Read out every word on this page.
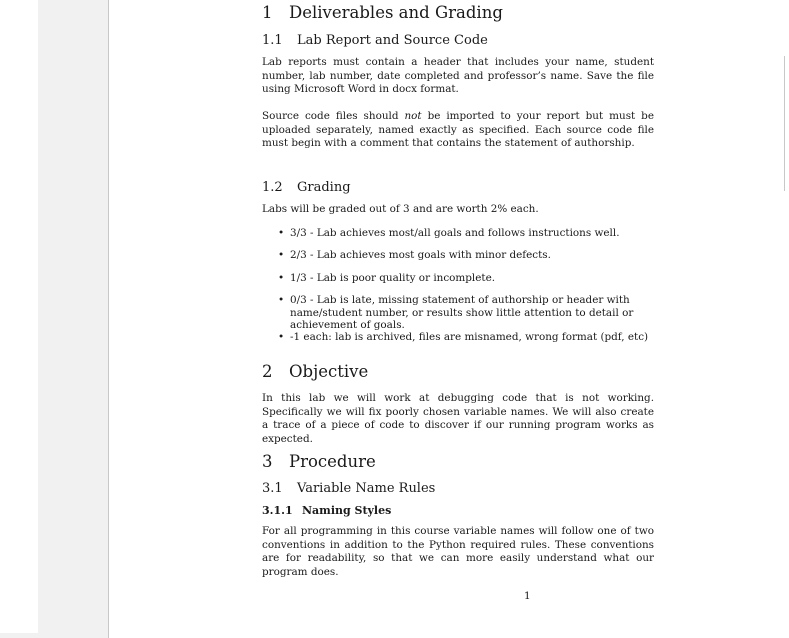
1 Deliverables and Grading
1.1 Lab Report and Source Code
Lab reports must contain a header that includes your name, student number, lab number, date completed and professor’s name. Save the file using Microsoft Word in docx format.
Source code files should not be imported to your report but must be uploaded separately, named exactly as specified. Each source code file must begin with a comment that contains the statement of authorship.
1.2 Grading
Labs will be graded out of 3 and are worth 2% each.
• 3/3 - Lab achieves most/all goals and follows instructions well.
• 2/3 - Lab achieves most goals with minor defects.
• 1/3 - Lab is poor quality or incomplete.
• 0/3 - Lab is late, missing statement of authorship or header with name/student number, or results show little attention to detail or achievement of goals.
• -1 each: lab is archived, files are misnamed, wrong format (pdf, etc)
2 Objective
In this lab we will work at debugging code that is not working. Specifically we will fix poorly chosen variable names. We will also create a trace of a piece of code to discover if our running program works as expected.
3 Procedure
3.1 Variable Name Rules
3.1.1 Naming Styles
For all programming in this course variable names will follow one of two conventions in addition to the Python required rules. These conventions are for readability, so that we can more easily understand what our program does.
1
